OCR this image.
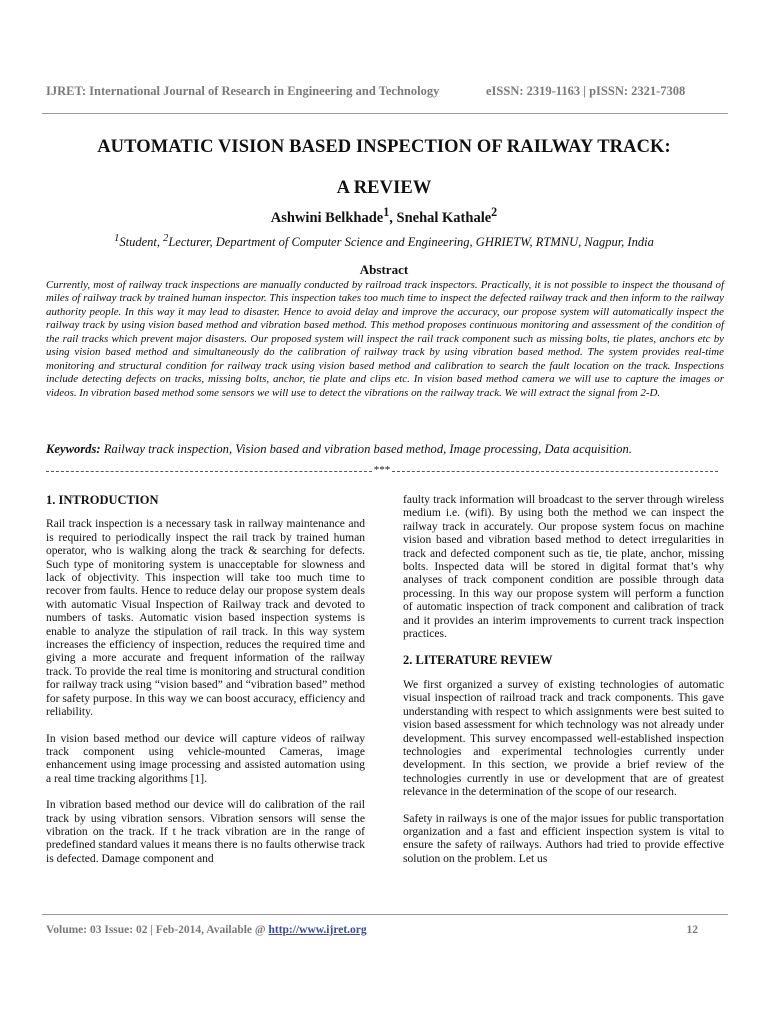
IJRET: International Journal of Research in Engineering and Technology	eISSN: 2319-1163 | pISSN: 2321-7308
AUTOMATIC VISION BASED INSPECTION OF RAILWAY TRACK:
A REVIEW
Ashwini Belkhade$^1$, Snehal Kathale$^2$
$^1$Student, $^2$Lecturer, Department of Computer Science and Engineering, GHRIETW, RTMNU, Nagpur, India
Abstract
Currently, most of railway track inspections are manually conducted by railroad track inspectors. Practically, it is not possible to inspect the thousand of miles of railway track by trained human inspector. This inspection takes too much time to inspect the defected railway track and then inform to the railway authority people. In this way it may lead to disaster. Hence to avoid delay and improve the accuracy, our propose system will automatically inspect the railway track by using vision based method and vibration based method. This method proposes continuous monitoring and assessment of the condition of the rail tracks which prevent major disasters. Our proposed system will inspect the rail track component such as missing bolts, tie plates, anchors etc by using vision based method and simultaneously do the calibration of railway track by using vibration based method. The system provides real-time monitoring and structural condition for railway track using vision based method and calibration to search the fault location on the track. Inspections include detecting defects on tracks, missing bolts, anchor, tie plate and clips etc. In vision based method camera we will use to capture the images or videos. In vibration based method some sensors we will use to detect the vibrations on the railway track. We will extract the signal from 2-D.
Keywords: Railway track inspection, Vision based and vibration based method, Image processing, Data acquisition.
***
1. INTRODUCTION

Rail track inspection is a necessary task in railway maintenance and is required to periodically inspect the rail track by trained human operator, who is walking along the track & searching for defects. Such type of monitoring system is unacceptable for slowness and lack of objectivity. This inspection will take too much time to recover from faults. Hence to reduce delay our propose system deals with automatic Visual Inspection of Railway track and devoted to numbers of tasks. Automatic vision based inspection systems is enable to analyze the stipulation of rail track. In this way system increases the efficiency of inspection, reduces the required time and giving a more accurate and frequent information of the railway track. To provide the real time is monitoring and structural condition for railway track using “vision based” and “vibration based” method for safety purpose. In this way we can boost accuracy, efficiency and reliability.

In vision based method our device will capture videos of railway track component using vehicle-mounted Cameras, image enhancement using image processing and assisted automation using a real time tracking algorithms [1].

In vibration based method our device will do calibration of the rail track by using vibration sensors. Vibration sensors will sense the vibration on the track. If t he track vibration are in the range of predefined standard values it means there is no faults otherwise track is defected. Damage component and

faulty track information will broadcast to the server through wireless medium i.e. (wifi). By using both the method we can inspect the railway track in accurately. Our propose system focus on machine vision based and vibration based method to detect irregularities in track and defected component such as tie, tie plate, anchor, missing bolts. Inspected data will be stored in digital format that’s why analyses of track component condition are possible through data processing. In this way our propose system will perform a function of automatic inspection of track component and calibration of track and it provides an interim improvements to current track inspection practices.

2. LITERATURE REVIEW

We first organized a survey of existing technologies of automatic visual inspection of railroad track and track components. This gave understanding with respect to which assignments were best suited to vision based assessment for which technology was not already under development. This survey encompassed well-established inspection technologies and experimental technologies currently under development. In this section, we provide a brief review of the technologies currently in use or development that are of greatest relevance in the determination of the scope of our research.

Safety in railways is one of the major issues for public transportation organization and a fast and efficient inspection system is vital to ensure the safety of railways. Authors had tried to provide effective solution on the problem. Let us

Volume: 03 Issue: 02 | Feb-2014, Available @ http://www.ijret.org	12
